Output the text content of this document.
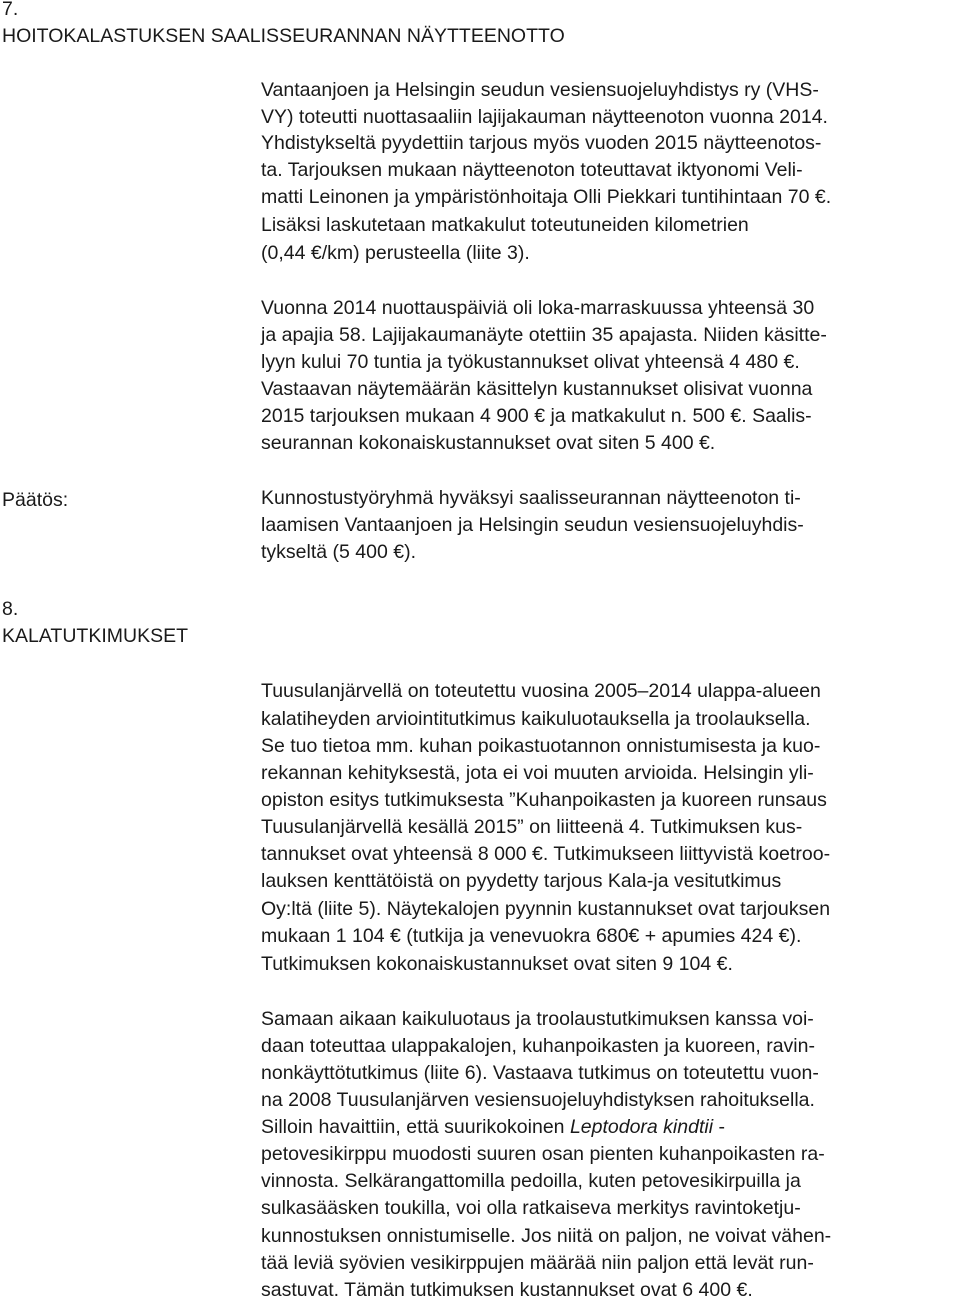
7.
HOITOKALASTUKSEN SAALISSEURANNAN NÄYTTEENOTTO
Vantaanjoen ja Helsingin seudun vesiensuojeluyhdistys ry (VHS-
VY) toteutti nuottasaaliin lajijakauman näytteenoton vuonna 2014.
Yhdistykseltä pyydettiin tarjous myös vuoden 2015 näytteenotos-
ta. Tarjouksen mukaan näytteenoton toteuttavat iktyonomi Veli-
matti Leinonen ja ympäristönhoitaja Olli Piekkari tuntihintaan 70 €.
Lisäksi laskutetaan matkakulut toteutuneiden kilometrien
(0,44 €/km) perusteella (liite 3).
Vuonna 2014 nuottauspäiviä oli loka-marraskuussa yhteensä 30
ja apajia 58. Lajijakaumanäyte otettiin 35 apajasta. Niiden käsitte-
lyyn kului 70 tuntia ja työkustannukset olivat yhteensä 4 480 €.
Vastaavan näytemäärän käsittelyn kustannukset olisivat vuonna
2015 tarjouksen mukaan 4 900 € ja matkakulut n. 500 €. Saalis-
seurannan kokonaiskustannukset ovat siten 5 400 €.
Päätös:	Kunnostustyöryhmä hyväksyi saalisseurannan näytteenoton ti-
laamisen Vantaanjoen ja Helsingin seudun vesiensuojeluyhdis-
tykseltä (5 400 €).
8.
KALATUTKIMUKSET
Tuusulanjärvellä on toteutettu vuosina 2005–2014 ulappa-alueen
kalatiheyden arviointitutkimus kaikuluotauksella ja troolauksella.
Se tuo tietoa mm. kuhan poikastuotannon onnistumisesta ja kuo-
rekannan kehityksestä, jota ei voi muuten arvioida. Helsingin yli-
opiston esitys tutkimuksesta ”Kuhanpoikasten ja kuoreen runsaus
Tuusulanjärvellä kesällä 2015” on liitteenä 4. Tutkimuksen kus-
tannukset ovat yhteensä 8 000 €. Tutkimukseen liittyvistä koetroo-
lauksen kenttätöistä on pyydetty tarjous Kala-ja vesitutkimus
Oy:ltä (liite 5). Näytekalojen pyynnin kustannukset ovat tarjouksen
mukaan 1 104 € (tutkija ja venevuokra 680€ + apumies 424 €).
Tutkimuksen kokonaiskustannukset ovat siten 9 104 €.
Samaan aikaan kaikuluotaus ja troolaustutkimuksen kanssa voi-
daan toteuttaa ulappakalojen, kuhanpoikasten ja kuoreen, ravin-
nonkäyttötutkimus (liite 6). Vastaava tutkimus on toteutettu vuon-
na 2008 Tuusulanjärven vesiensuojeluyhdistyksen rahoituksella.
Silloin havaittiin, että suurikokoinen Leptodora kindtii -
petovesikirppu muodosti suuren osan pienten kuhanpoikasten ra-
vinnosta. Selkärangattomilla pedoilla, kuten petovesikirpuilla ja
sulkasääsken toukilla, voi olla ratkaiseva merkitys ravintoketju-
kunnostuksen onnistumiselle. Jos niitä on paljon, ne voivat vähen-
tää leviä syövien vesikirppujen määrää niin paljon että levät run-
sastuvat. Tämän tutkimuksen kustannukset ovat 6 400 €.
